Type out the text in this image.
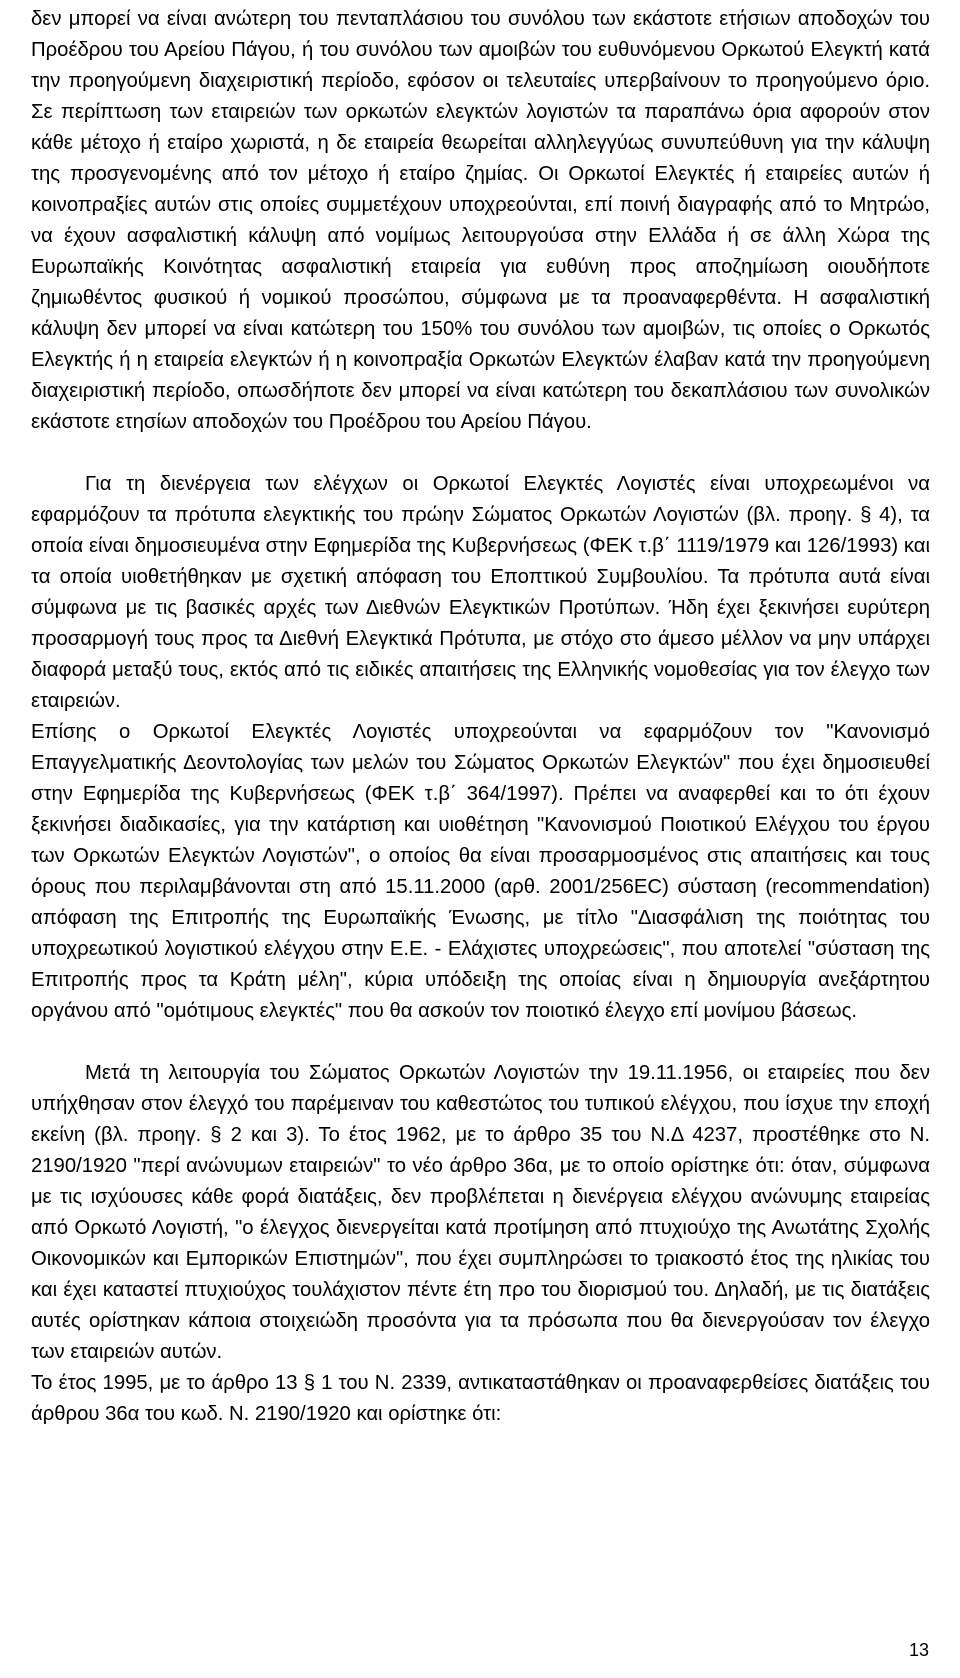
δεν μπορεί να είναι ανώτερη του πενταπλάσιου του συνόλου των εκάστοτε ετήσιων αποδοχών του Προέδρου του Αρείου Πάγου, ή του συνόλου των αμοιβών του ευθυνόμενου Ορκωτού Ελεγκτή κατά την προηγούμενη διαχειριστική περίοδο, εφόσον οι τελευταίες υπερβαίνουν το προηγούμενο όριο. Σε περίπτωση των εταιρειών των ορκωτών ελεγκτών λογιστών τα παραπάνω όρια αφορούν στον κάθε μέτοχο ή εταίρο χωριστά, η δε εταιρεία θεωρείται αλληλεγγύως συνυπεύθυνη για την κάλυψη της προσγενομένης από τον μέτοχο ή εταίρο ζημίας. Οι Ορκωτοί Ελεγκτές ή εταιρείες αυτών ή κοινοπραξίες αυτών στις οποίες συμμετέχουν υποχρεούνται, επί ποινή διαγραφής από το Μητρώο, να έχουν ασφαλιστική κάλυψη από νομίμως λειτουργούσα στην Ελλάδα ή σε άλλη Χώρα της Ευρωπαϊκής Κοινότητας ασφαλιστική εταιρεία για ευθύνη προς αποζημίωση οιουδήποτε ζημιωθέντος φυσικού ή νομικού προσώπου, σύμφωνα με τα προαναφερθέντα. Η ασφαλιστική κάλυψη δεν μπορεί να είναι κατώτερη του 150% του συνόλου των αμοιβών, τις οποίες ο Ορκωτός Ελεγκτής ή η εταιρεία ελεγκτών ή η κοινοπραξία Ορκωτών Ελεγκτών έλαβαν κατά την προηγούμενη διαχειριστική περίοδο, οπωσδήποτε δεν μπορεί να είναι κατώτερη του δεκαπλάσιου των συνολικών εκάστοτε ετησίων αποδοχών του Προέδρου του Αρείου Πάγου.

Για τη διενέργεια των ελέγχων οι Ορκωτοί Ελεγκτές Λογιστές είναι υποχρεωμένοι να εφαρμόζουν τα πρότυπα ελεγκτικής του πρώην Σώματος Ορκωτών Λογιστών (βλ. προηγ. § 4), τα οποία είναι δημοσιευμένα στην Εφημερίδα της Κυβερνήσεως (ΦΕΚ τ.β΄ 1119/1979 και 126/1993) και τα οποία υιοθετήθηκαν με σχετική απόφαση του Εποπτικού Συμβουλίου. Τα πρότυπα αυτά είναι σύμφωνα με τις βασικές αρχές των Διεθνών Ελεγκτικών Προτύπων. Ήδη έχει ξεκινήσει ευρύτερη προσαρμογή τους προς τα Διεθνή Ελεγκτικά Πρότυπα, με στόχο στο άμεσο μέλλον να μην υπάρχει διαφορά μεταξύ τους, εκτός από τις ειδικές απαιτήσεις της Ελληνικής νομοθεσίας για τον έλεγχο των εταιρειών.
Επίσης ο Ορκωτοί Ελεγκτές Λογιστές υποχρεούνται να εφαρμόζουν τον "Κανονισμό Επαγγελματικής Δεοντολογίας των μελών του Σώματος Ορκωτών Ελεγκτών" που έχει δημοσιευθεί στην Εφημερίδα της Κυβερνήσεως (ΦΕΚ τ.β΄ 364/1997). Πρέπει να αναφερθεί και το ότι έχουν ξεκινήσει διαδικασίες, για την κατάρτιση και υιοθέτηση "Κανονισμού Ποιοτικού Ελέγχου του έργου των Ορκωτών Ελεγκτών Λογιστών", ο οποίος θα είναι προσαρμοσμένος στις απαιτήσεις και τους όρους που περιλαμβάνονται στη από 15.11.2000 (αρθ. 2001/256EC) σύσταση (recommendation) απόφαση της Επιτροπής της Ευρωπαϊκής Ένωσης, με τίτλο "Διασφάλιση της ποιότητας του υποχρεωτικού λογιστικού ελέγχου στην Ε.Ε. - Ελάχιστες υποχρεώσεις", που αποτελεί "σύσταση της Επιτροπής προς τα Κράτη μέλη", κύρια υπόδειξη της οποίας είναι η δημιουργία ανεξάρτητου οργάνου από "ομότιμους ελεγκτές" που θα ασκούν τον ποιοτικό έλεγχο επί μονίμου βάσεως.

Μετά τη λειτουργία του Σώματος Ορκωτών Λογιστών την 19.11.1956, οι εταιρείες που δεν υπήχθησαν στον έλεγχό του παρέμειναν του καθεστώτος του τυπικού ελέγχου, που ίσχυε την εποχή εκείνη (βλ. προηγ. § 2 και 3). Το έτος 1962, με το άρθρο 35 του Ν.Δ 4237, προστέθηκε στο Ν. 2190/1920 "περί ανώνυμων εταιρειών" το νέο άρθρο 36α, με το οποίο ορίστηκε ότι: όταν, σύμφωνα με τις ισχύουσες κάθε φορά διατάξεις, δεν προβλέπεται η διενέργεια ελέγχου ανώνυμης εταιρείας από Ορκωτό Λογιστή, "ο έλεγχος διενεργείται κατά προτίμηση από πτυχιούχο της Ανωτάτης Σχολής Οικονομικών και Εμπορικών Επιστημών", που έχει συμπληρώσει το τριακοστό έτος της ηλικίας του και έχει καταστεί πτυχιούχος τουλάχιστον πέντε έτη προ του διορισμού του. Δηλαδή, με τις διατάξεις αυτές ορίστηκαν κάποια στοιχειώδη προσόντα για τα πρόσωπα που θα διενεργούσαν τον έλεγχο των εταιρειών αυτών.
Το έτος 1995, με το άρθρο 13 § 1 του Ν. 2339, αντικαταστάθηκαν οι προαναφερθείσες διατάξεις του άρθρου 36α του κωδ. Ν. 2190/1920 και ορίστηκε ότι:

13
